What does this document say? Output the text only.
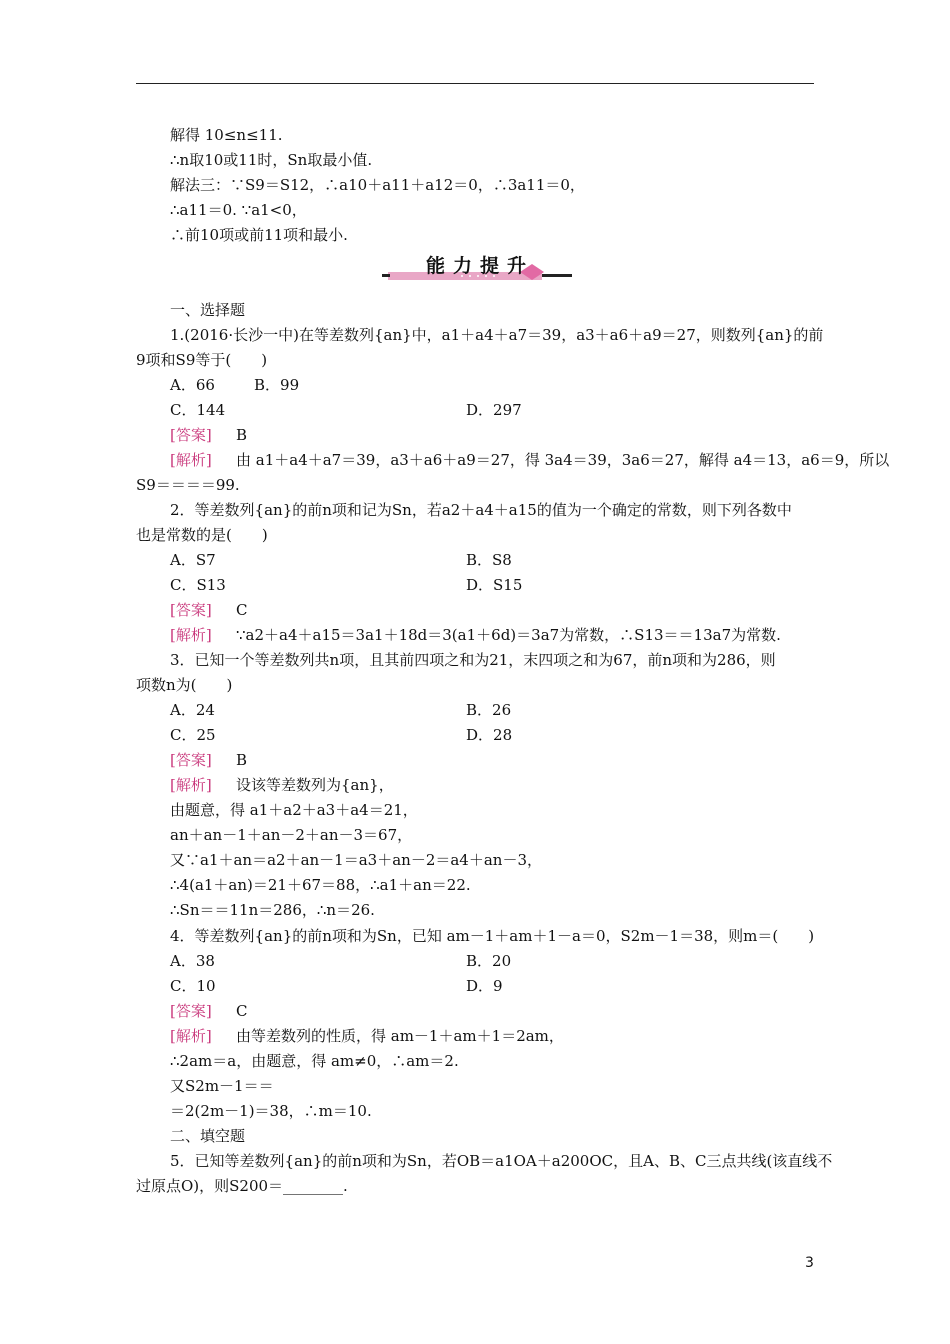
解得 10≤n≤11.
∴n取10或11时，Sn取最小值.
解法三：∵S9＝S12，∴a10＋a11＋a12＝0，∴3a11＝0，
∴a11＝0. ∵a1<0，
∴前10项或前11项和最小.
能力提升
一、选择题
1.(2016·长沙一中)在等差数列{an}中，a1＋a4＋a7＝39，a3＋a6＋a9＝27，则数列{an}的前
9项和S9等于(　　)
A．66	B．99
C．144	D．297
[答案] B
[解析] 由 a1＋a4＋a7＝39，a3＋a6＋a9＝27，得 3a4＝39，3a6＝27，解得 a4＝13，a6＝9，所以
S9＝＝＝＝99.
2．等差数列{an}的前n项和记为Sn，若a2＋a4＋a15的值为一个确定的常数，则下列各数中
也是常数的是(　　)
A．S7	B．S8
C．S13	D．S15
[答案] C
[解析] ∵a2＋a4＋a15＝3a1＋18d＝3(a1＋6d)＝3a7为常数，∴S13＝＝13a7为常数.
3．已知一个等差数列共n项，且其前四项之和为21，末四项之和为67，前n项和为286，则
项数n为(　　)
A．24	B．26
C．25	D．28
[答案] B
[解析] 设该等差数列为{an}，
由题意，得 a1＋a2＋a3＋a4＝21，
an＋an－1＋an－2＋an－3＝67，
又∵a1＋an＝a2＋an－1＝a3＋an－2＝a4＋an－3，
∴4(a1＋an)＝21＋67＝88，∴a1＋an＝22.
∴Sn＝＝11n＝286，∴n＝26.
4．等差数列{an}的前n项和为Sn，已知 am－1＋am＋1－a＝0，S2m－1＝38，则m＝(　　)
A．38	B．20
C．10	D．9
[答案] C
[解析] 由等差数列的性质，得 am－1＋am＋1＝2am，
∴2am＝a，由题意，得 am≠0，∴am＝2.
又S2m－1＝＝
＝2(2m－1)＝38，∴m＝10.
二、填空题
5．已知等差数列{an}的前n项和为Sn，若OB＝a1OA＋a200OC，且A、B、C三点共线(该直线不
过原点O)，则S200＝________.
3
